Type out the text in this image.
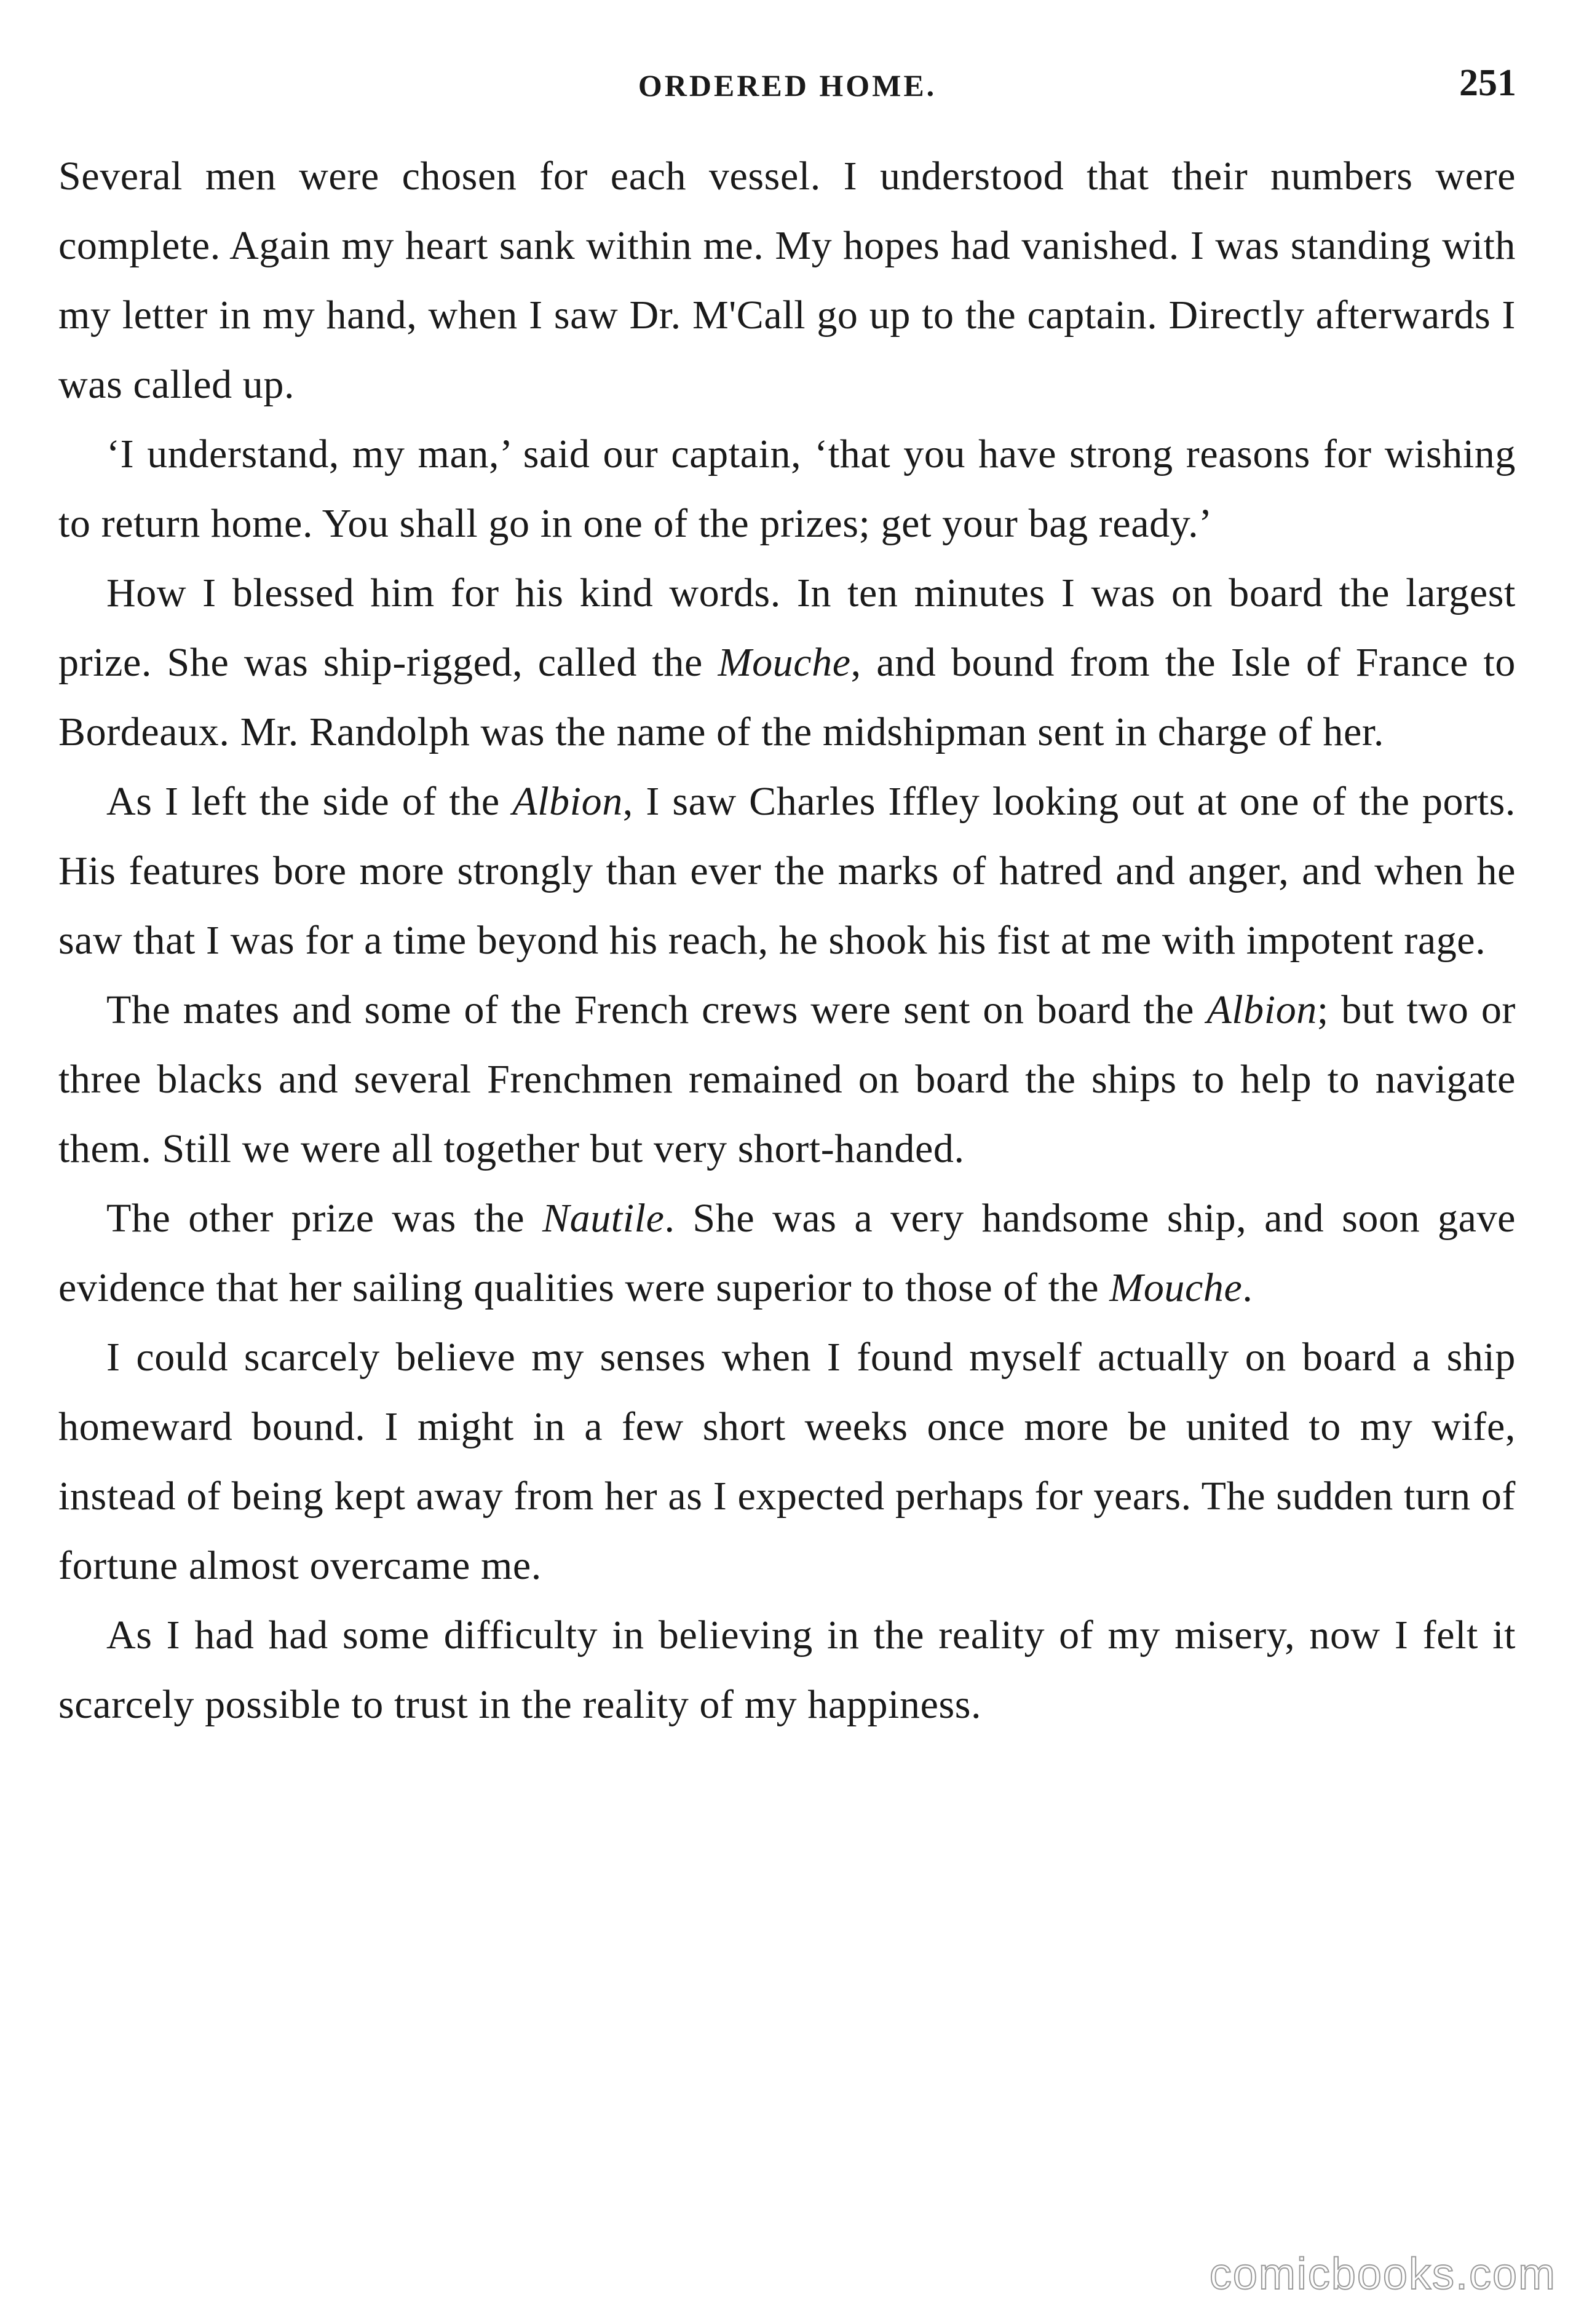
ORDERED HOME.	251

Several men were chosen for each vessel. I understood that their numbers were complete. Again my heart sank within me. My hopes had vanished. I was standing with my letter in my hand, when I saw Dr. M'Call go up to the captain. Directly afterwards I was called up.

‘I understand, my man,’ said our captain, ‘that you have strong reasons for wishing to return home. You shall go in one of the prizes; get your bag ready.’

How I blessed him for his kind words. In ten minutes I was on board the largest prize. She was ship-rigged, called the Mouche, and bound from the Isle of France to Bordeaux. Mr. Randolph was the name of the midshipman sent in charge of her.

As I left the side of the Albion, I saw Charles Iffley looking out at one of the ports. His features bore more strongly than ever the marks of hatred and anger, and when he saw that I was for a time beyond his reach, he shook his fist at me with impotent rage.

The mates and some of the French crews were sent on board the Albion; but two or three blacks and several Frenchmen remained on board the ships to help to navigate them. Still we were all together but very short-handed.

The other prize was the Nautile. She was a very handsome ship, and soon gave evidence that her sailing qualities were superior to those of the Mouche.

I could scarcely believe my senses when I found myself actually on board a ship homeward bound. I might in a few short weeks once more be united to my wife, instead of being kept away from her as I expected perhaps for years. The sudden turn of fortune almost overcame me.

As I had had some difficulty in believing in the reality of my misery, now I felt it scarcely possible to trust in the reality of my happiness.

comicbooks.com
